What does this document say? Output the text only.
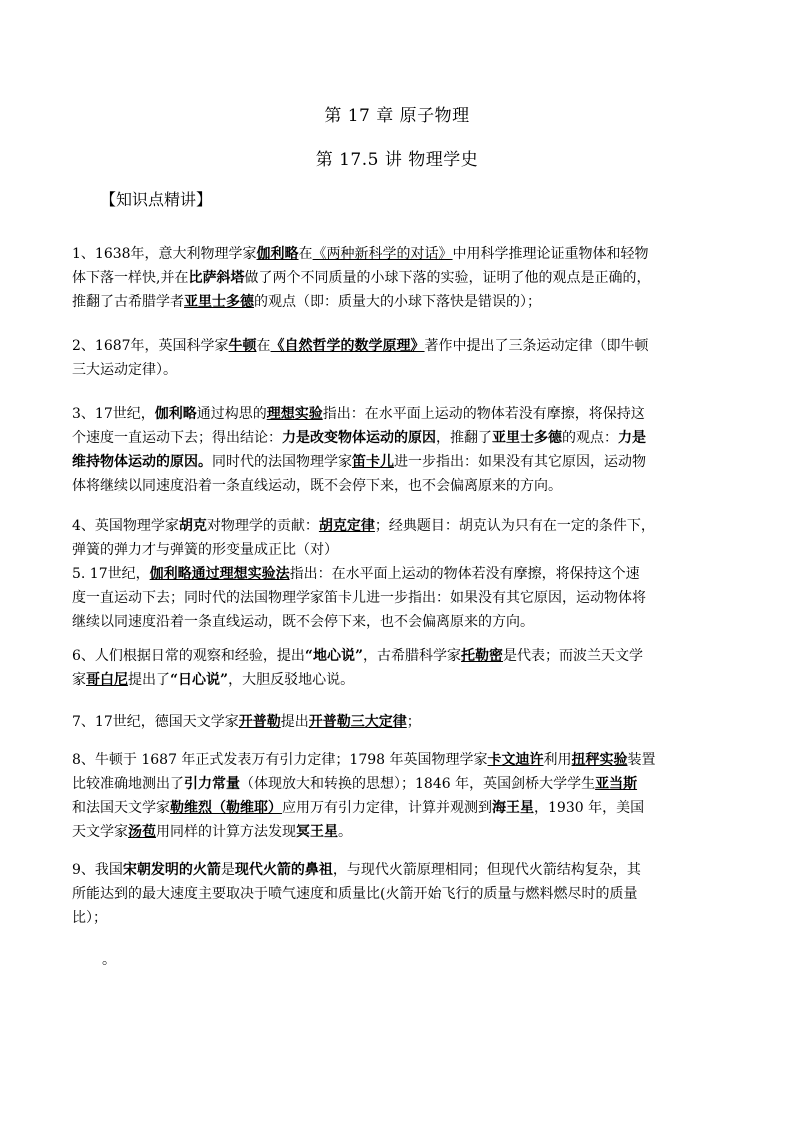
第 17 章 原子物理
第 17.5 讲 物理学史
【知识点精讲】
1、1638年，意大利物理学家伽利略在《两种新科学的对话》中用科学推理论证重物体和轻物
体下落一样快,并在比萨斜塔做了两个不同质量的小球下落的实验，证明了他的观点是正确的，
推翻了古希腊学者亚里士多德的观点（即：质量大的小球下落快是错误的）；
2、1687年，英国科学家牛顿在《自然哲学的数学原理》著作中提出了三条运动定律（即牛顿
三大运动定律）。
3、17世纪，伽利略通过构思的理想实验指出：在水平面上运动的物体若没有摩擦，将保持这
个速度一直运动下去；得出结论：力是改变物体运动的原因，推翻了亚里士多德的观点：力是
维持物体运动的原因。同时代的法国物理学家笛卡儿进一步指出：如果没有其它原因，运动物
体将继续以同速度沿着一条直线运动，既不会停下来，也不会偏离原来的方向。
4、英国物理学家胡克对物理学的贡献：胡克定律；经典题目：胡克认为只有在一定的条件下，
弹簧的弹力才与弹簧的形变量成正比（对）
5. 17世纪，伽利略通过理想实验法指出：在水平面上运动的物体若没有摩擦，将保持这个速
度一直运动下去；同时代的法国物理学家笛卡儿进一步指出：如果没有其它原因，运动物体将
继续以同速度沿着一条直线运动，既不会停下来，也不会偏离原来的方向。
6、人们根据日常的观察和经验，提出“地心说”，古希腊科学家托勒密是代表；而波兰天文学
家哥白尼提出了“日心说”，大胆反驳地心说。
7、17世纪，德国天文学家开普勒提出开普勒三大定律；
8、牛顿于 1687 年正式发表万有引力定律；1798 年英国物理学家卡文迪许利用扭秤实验装置
比较准确地测出了引力常量（体现放大和转换的思想）；1846 年，英国剑桥大学学生亚当斯
和法国天文学家勒维烈（勒维耶）应用万有引力定律，计算并观测到海王星，1930 年，美国
天文学家汤苞用同样的计算方法发现冥王星。
9、我国宋朝发明的火箭是现代火箭的鼻祖，与现代火箭原理相同；但现代火箭结构复杂，其
所能达到的最大速度主要取决于喷气速度和质量比(火箭开始飞行的质量与燃料燃尽时的质量
比）；
。
